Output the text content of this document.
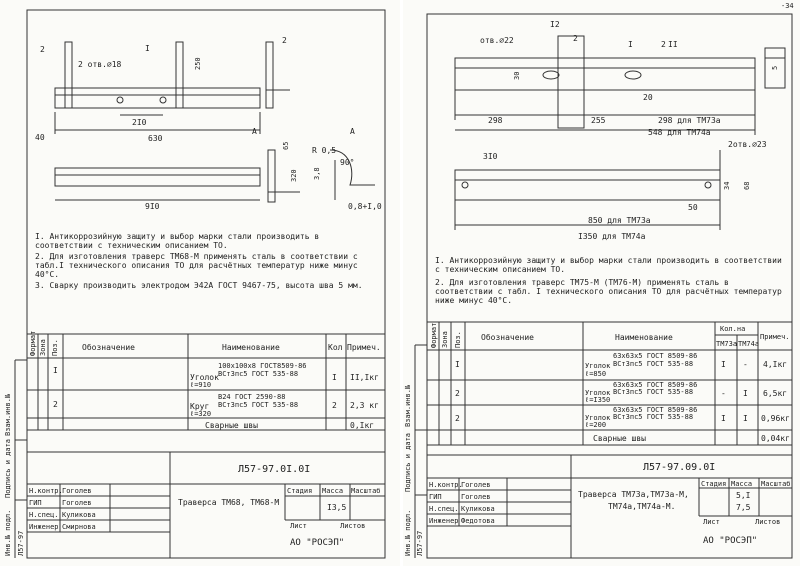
2	I
2 отв.⌀18	250
40
2I0
630
9I0
A	A
R 0,5
3,8
90°
320
65
0,8+I,0
2
I. Антикоррозийную защиту и выбор марки стали производить в соответствии с техническим описанием ТО.
2. Для изготовления траверс ТМ68-М применять сталь в соответствии с табл.I технического описания ТО для расчётных температур ниже минус 40°С.
3. Сварку производить электродом Э42А ГОСТ 9467-75, высота шва 5 мм.
Формат Зона Поз.	Обозначение	Наименование	Кол Примеч.
I
Уголок
100х100х8 ГОСТ8509-86
ВСт3пс5 ГОСТ 535-88
ℓ=910
I II,Iкг
2	Круг
В24 ГОСТ 2590-88
ВСт3пс5 ГОСТ 535-88
ℓ=320
2 2,3 кг
Сварные швы	0,Iкг
Л57-97.0I.0I
Н.контр.
ГИП
Н.спец.
Инженер
Гоголев
Гоголев
Куликова
Смирнова
Траверса ТМ68, ТМ68-М
Стадия Масса Масштаб
I3,5
Лист	Листов
АО "РОСЭП"
Инв.№ подл.
Подпись и дата
Взам.инв.№
Л57-97
отв.⌀22
I2
2
I	2 II
30
20
298	255	298 для ТМ73а
548 для ТМ74а
3I0
5
2отв.⌀23
34 68
50
850 для ТМ73а
I350 для ТМ74а
I. Антикоррозийную защиту и выбор марки стали производить в соответствии с техническим описанием ТО.
2. Для изготовления траверс ТМ75-М (ТМ76-М) применять сталь в соответствии с табл. I технического описания ТО для расчётных температур ниже минус 40°С.
Формат Зона Поз. Обозначение	Наименование
Кол.на
ТМ73а ТМ74а
Примеч.
I	Уголок
63х63х5 ГОСТ 8509-86
ВСт3пс5 ГОСТ 535-88
ℓ=850
I - 4,Iкг
2	Уголок
63х63х5 ГОСТ 8509-86
ВСт3пс5 ГОСТ 535-88
ℓ=I350
- I 6,5кг
2	Уголок
63х63х5 ГОСТ 8509-86
ВСт3пс5 ГОСТ 535-88
ℓ=200
I I 0,96кг
Сварные швы	0,04кг
Л57-97.09.0I
Н.контр.
ГИП
Н.спец.
Инженер
Гоголев
Гоголев
Куликова
Федотова
Траверса ТМ73а,ТМ73а-М,
ТМ74а,ТМ74а-М.
Стадия Масса Масштаб
5,I
7,5
Лист	Листов
АО "РОСЭП"
Инв.№ подл.
Подпись и дата
Взам.инв.№
Л57-97
-34
